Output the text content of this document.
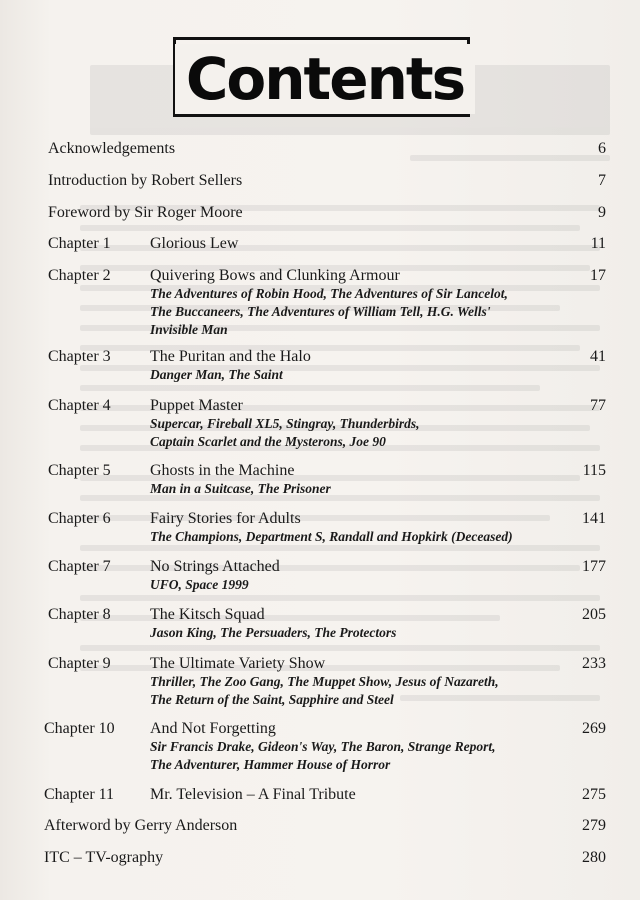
Contents
Acknowledgements	6
Introduction by Robert Sellers	7
Foreword by Sir Roger Moore	9
Chapter 1 Glorious Lew	11
Chapter 2 Quivering Bows and Clunking Armour	17
The Adventures of Robin Hood, The Adventures of Sir Lancelot,
The Buccaneers, The Adventures of William Tell, H.G. Wells'
Invisible Man
Chapter 3 The Puritan and the Halo	41
Danger Man, The Saint
Chapter 4 Puppet Master	77
Supercar, Fireball XL5, Stingray, Thunderbirds,
Captain Scarlet and the Mysterons, Joe 90
Chapter 5 Ghosts in the Machine	115
Man in a Suitcase, The Prisoner
Chapter 6 Fairy Stories for Adults	141
The Champions, Department S, Randall and Hopkirk (Deceased)
Chapter 7 No Strings Attached	177
UFO, Space 1999
Chapter 8 The Kitsch Squad	205
Jason King, The Persuaders, The Protectors
Chapter 9 The Ultimate Variety Show	233
Thriller, The Zoo Gang, The Muppet Show, Jesus of Nazareth,
The Return of the Saint, Sapphire and Steel
Chapter 10 And Not Forgetting	269
Sir Francis Drake, Gideon's Way, The Baron, Strange Report,
The Adventurer, Hammer House of Horror
Chapter 11 Mr. Television – A Final Tribute	275
Afterword by Gerry Anderson	279
ITC – TV-ography	280
